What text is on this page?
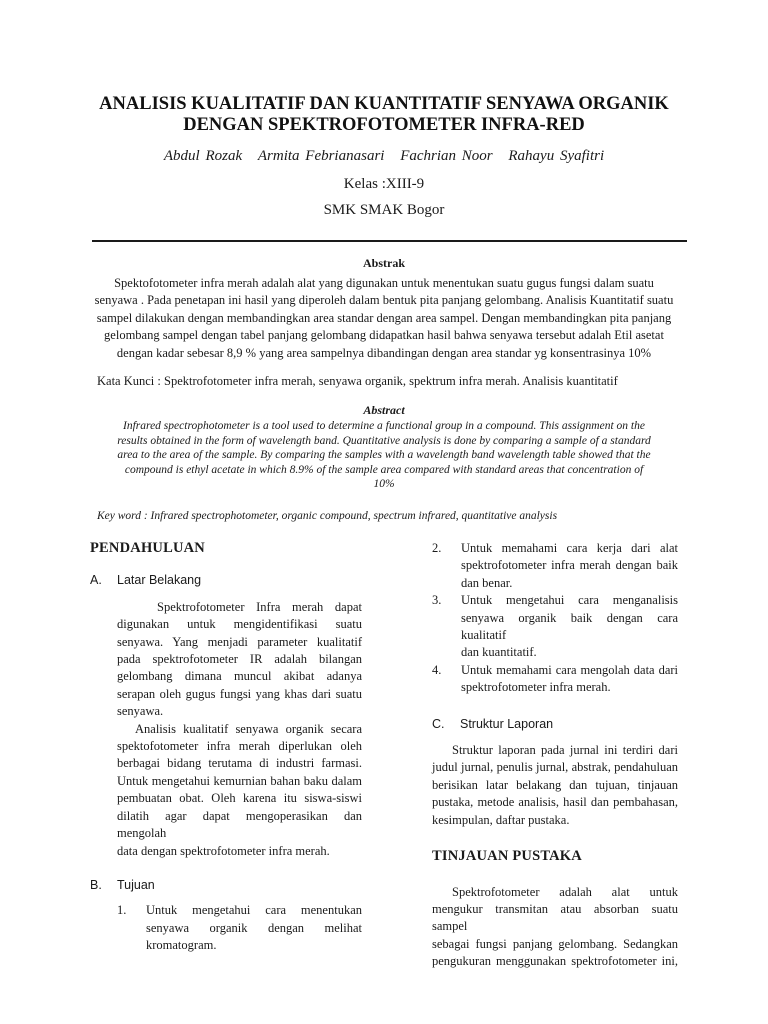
ANALISIS KUALITATIF DAN KUANTITATIF SENYAWA ORGANIK
DENGAN SPEKTROFOTOMETER INFRA-RED
Abdul Rozak Armita Febrianasari Fachrian Noor Rahayu Syafitri
Kelas :XIII-9
SMK SMAK Bogor
Abstrak
Spektofotometer infra merah adalah alat yang digunakan untuk menentukan suatu gugus fungsi dalam suatu
senyawa . Pada penetapan ini hasil yang diperoleh dalam bentuk pita panjang gelombang. Analisis Kuantitatif suatu
sampel dilakukan dengan membandingkan area standar dengan area sampel. Dengan membandingkan pita panjang
gelombang sampel dengan tabel panjang gelombang didapatkan hasil bahwa senyawa tersebut adalah Etil asetat
dengan kadar sebesar 8,9 % yang area sampelnya dibandingan dengan area standar yg konsentrasinya 10%
Kata Kunci : Spektrofotometer infra merah, senyawa organik, spektrum infra merah. Analisis kuantitatif
Abstract
Infrared spectrophotometer is a tool used to determine a functional group in a compound. This assignment on the
results obtained in the form of wavelength band. Quantitative analysis is done by comparing a sample of a standard
area to the area of the sample. By comparing the samples with a wavelength band wavelength table showed that the
compound is ethyl acetate in which 8.9% of the sample area compared with standard areas that concentration of
10%
Key word : Infrared spectrophotometer, organic compound, spectrum infrared, quantitative analysis
PENDAHULUAN
A. Latar Belakang
Spektrofotometer Infra merah dapat
digunakan untuk mengidentifikasi suatu
senyawa. Yang menjadi parameter kualitatif
pada spektrofotometer IR adalah bilangan
gelombang dimana muncul akibat adanya
serapan oleh gugus fungsi yang khas dari suatu
senyawa.
Analisis kualitatif senyawa organik secara
spektofotometer infra merah diperlukan oleh
berbagai bidang terutama di industri farmasi.
Untuk mengetahui kemurnian bahan baku dalam
pembuatan obat. Oleh karena itu siswa-siswi
dilatih agar dapat mengoperasikan dan mengolah
data dengan spektrofotometer infra merah.
B. Tujuan
1. Untuk mengetahui cara menentukan
senyawa organik dengan melihat
kromatogram.
2. Untuk memahami cara kerja dari alat
spektrofotometer infra merah dengan baik
dan benar.
3. Untuk mengetahui cara menganalisis
senyawa organik baik dengan cara kualitatif
dan kuantitatif.
4. Untuk memahami cara mengolah data dari
spektrofotometer infra merah.
C. Struktur Laporan
Struktur laporan pada jurnal ini terdiri dari
judul jurnal, penulis jurnal, abstrak, pendahuluan
berisikan latar belakang dan tujuan, tinjauan
pustaka, metode analisis, hasil dan pembahasan,
kesimpulan, daftar pustaka.
TINJAUAN PUSTAKA
Spektrofotometer adalah alat untuk
mengukur transmitan atau absorban suatu sampel
sebagai fungsi panjang gelombang. Sedangkan
pengukuran menggunakan spektrofotometer ini,
